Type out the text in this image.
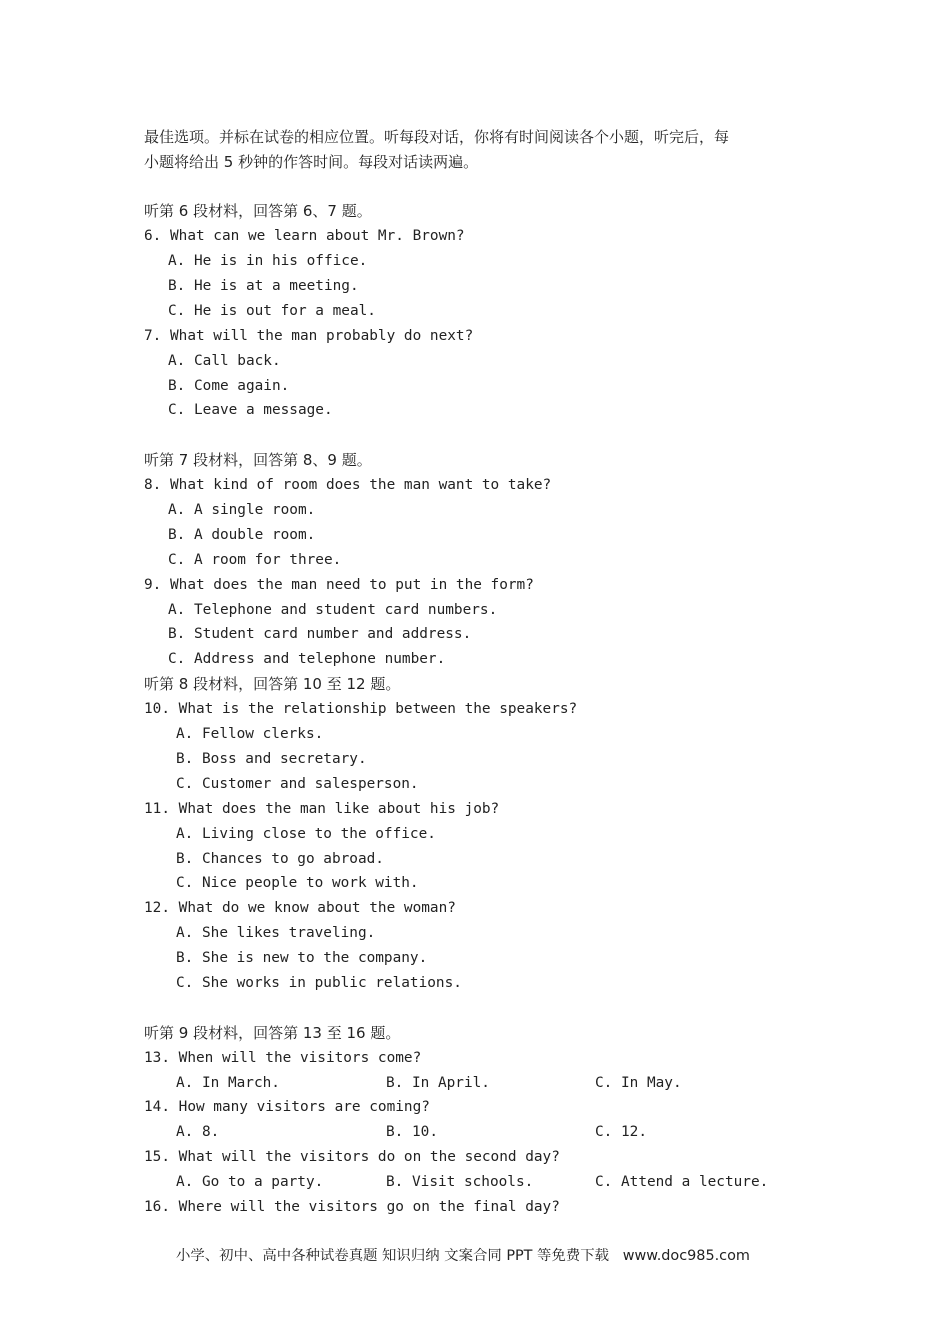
最佳选项。并标在试卷的相应位置。听每段对话，你将有时间阅读各个小题，听完后，每
小题将给出 5 秒钟的作答时间。每段对话读两遍。
听第 6 段材料，回答第 6、7 题。
6. What can we learn about Mr. Brown?
A. He is in his office.
B. He is at a meeting.
C. He is out for a meal.
7. What will the man probably do next?
A. Call back.
B. Come again.
C. Leave a message.
听第 7 段材料，回答第 8、9 题。
8. What kind of room does the man want to take?
A. A single room.
B. A double room.
C. A room for three.
9. What does the man need to put in the form?
A. Telephone and student card numbers.
B. Student card number and address.
C. Address and telephone number.
听第 8 段材料，回答第 10 至 12 题。
10. What is the relationship between the speakers?
A. Fellow clerks.
B. Boss and secretary.
C. Customer and salesperson.
11. What does the man like about his job?
A. Living close to the office.
B. Chances to go abroad.
C. Nice people to work with.
12. What do we know about the woman?
A. She likes traveling.
B. She is new to the company.
C. She works in public relations.
听第 9 段材料，回答第 13 至 16 题。
13. When will the visitors come?
A. In March.	B. In April.	C. In May.
14. How many visitors are coming?
A. 8.	B. 10.	C. 12.
15. What will the visitors do on the second day?
A. Go to a party.	B. Visit schools.	C. Attend a lecture.
16. Where will the visitors go on the final day?
小学、初中、高中各种试卷真题 知识归纳 文案合同 PPT 等免费下载   www.doc985.com
